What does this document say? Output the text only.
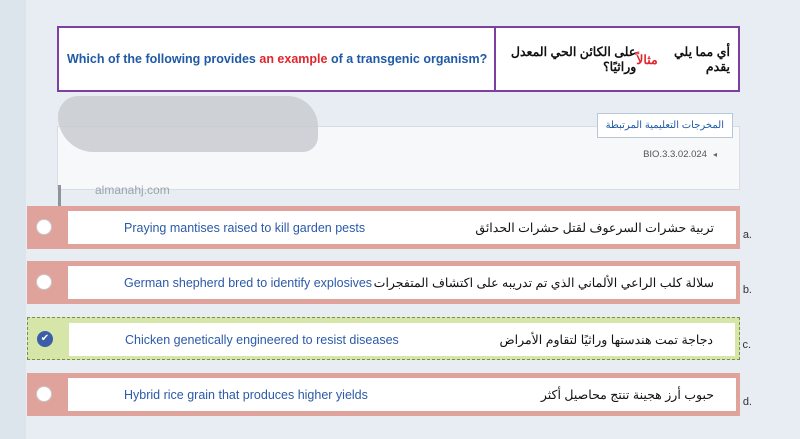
Which of the following provides
an example
of a transgenic organism?	أي مما يلي يقدم
مثالاً
على الكائن الحي المعدل وراثيًا؟
المخرجات التعليمية المرتبطة
BIO.3.3.02.024 ◂
almanahj.com
Praying mantises raised to kill garden pests	تربية حشرات السرعوف لقتل حشرات الحدائق	a.
German shepherd bred to identify explosives سلالة كلب الراعي الألماني الذي تم تدريبه على اكتشاف المتفجرات	b.
✔	Chicken genetically engineered to resist diseases	دجاجة تمت هندستها وراثيًا لتقاوم الأمراض	c.
Hybrid rice grain that produces higher yields	حبوب أرز هجينة تنتج محاصيل أكثر	d.
